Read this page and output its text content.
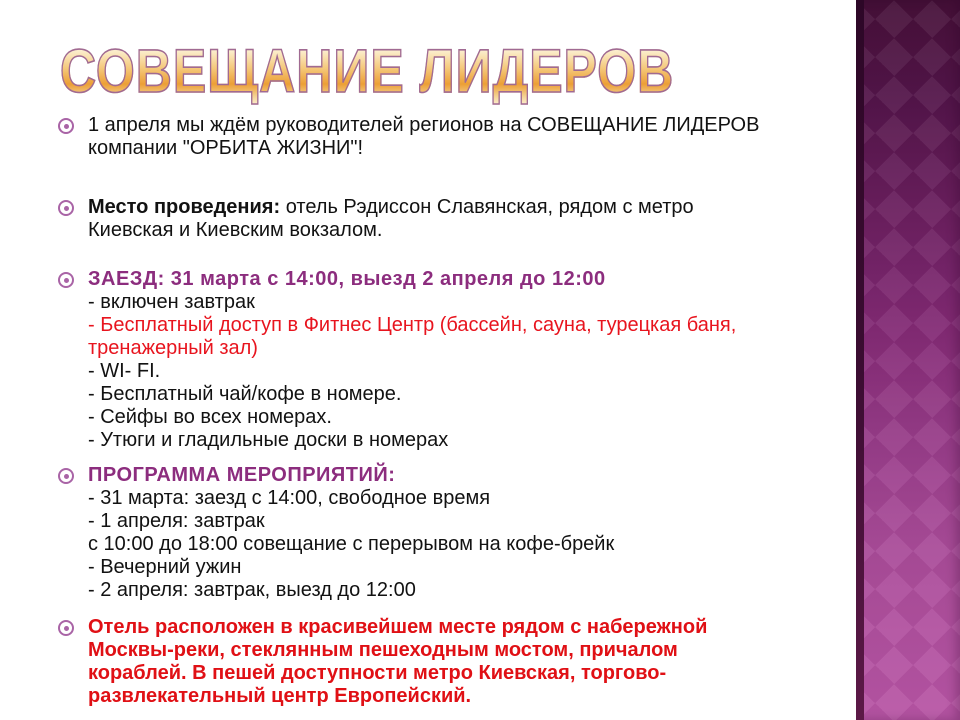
СОВЕЩАНИЕ ЛИДЕРОВ
1 апреля мы ждём руководителей регионов на СОВЕЩАНИЕ ЛИДЕРОВ
компании "ОРБИТА ЖИЗНИ"!
Место проведения: отель Рэдиссон Славянская, рядом с метро
Киевская и Киевским вокзалом.
ЗАЕЗД: 31 марта с 14:00, выезд 2 апреля до 12:00
- включен завтрак
- Бесплатный доступ в Фитнес Центр (бассейн, сауна, турецкая баня,
тренажерный зал)
- WI- FI.
- Бесплатный чай/кофе в номере.
- Сейфы во всех номерах.
- Утюги и гладильные доски в номерах
ПРОГРАММА МЕРОПРИЯТИЙ:
- 31 марта: заезд с 14:00, свободное время
- 1 апреля: завтрак
с 10:00 до 18:00 совещание с перерывом на кофе-брейк
- Вечерний ужин
- 2 апреля: завтрак, выезд до 12:00
Отель расположен в красивейшем месте рядом с набережной
Москвы-реки, стеклянным пешеходным мостом, причалом
кораблей. В пешей доступности метро Киевская, торгово-
развлекательный центр Европейский.
